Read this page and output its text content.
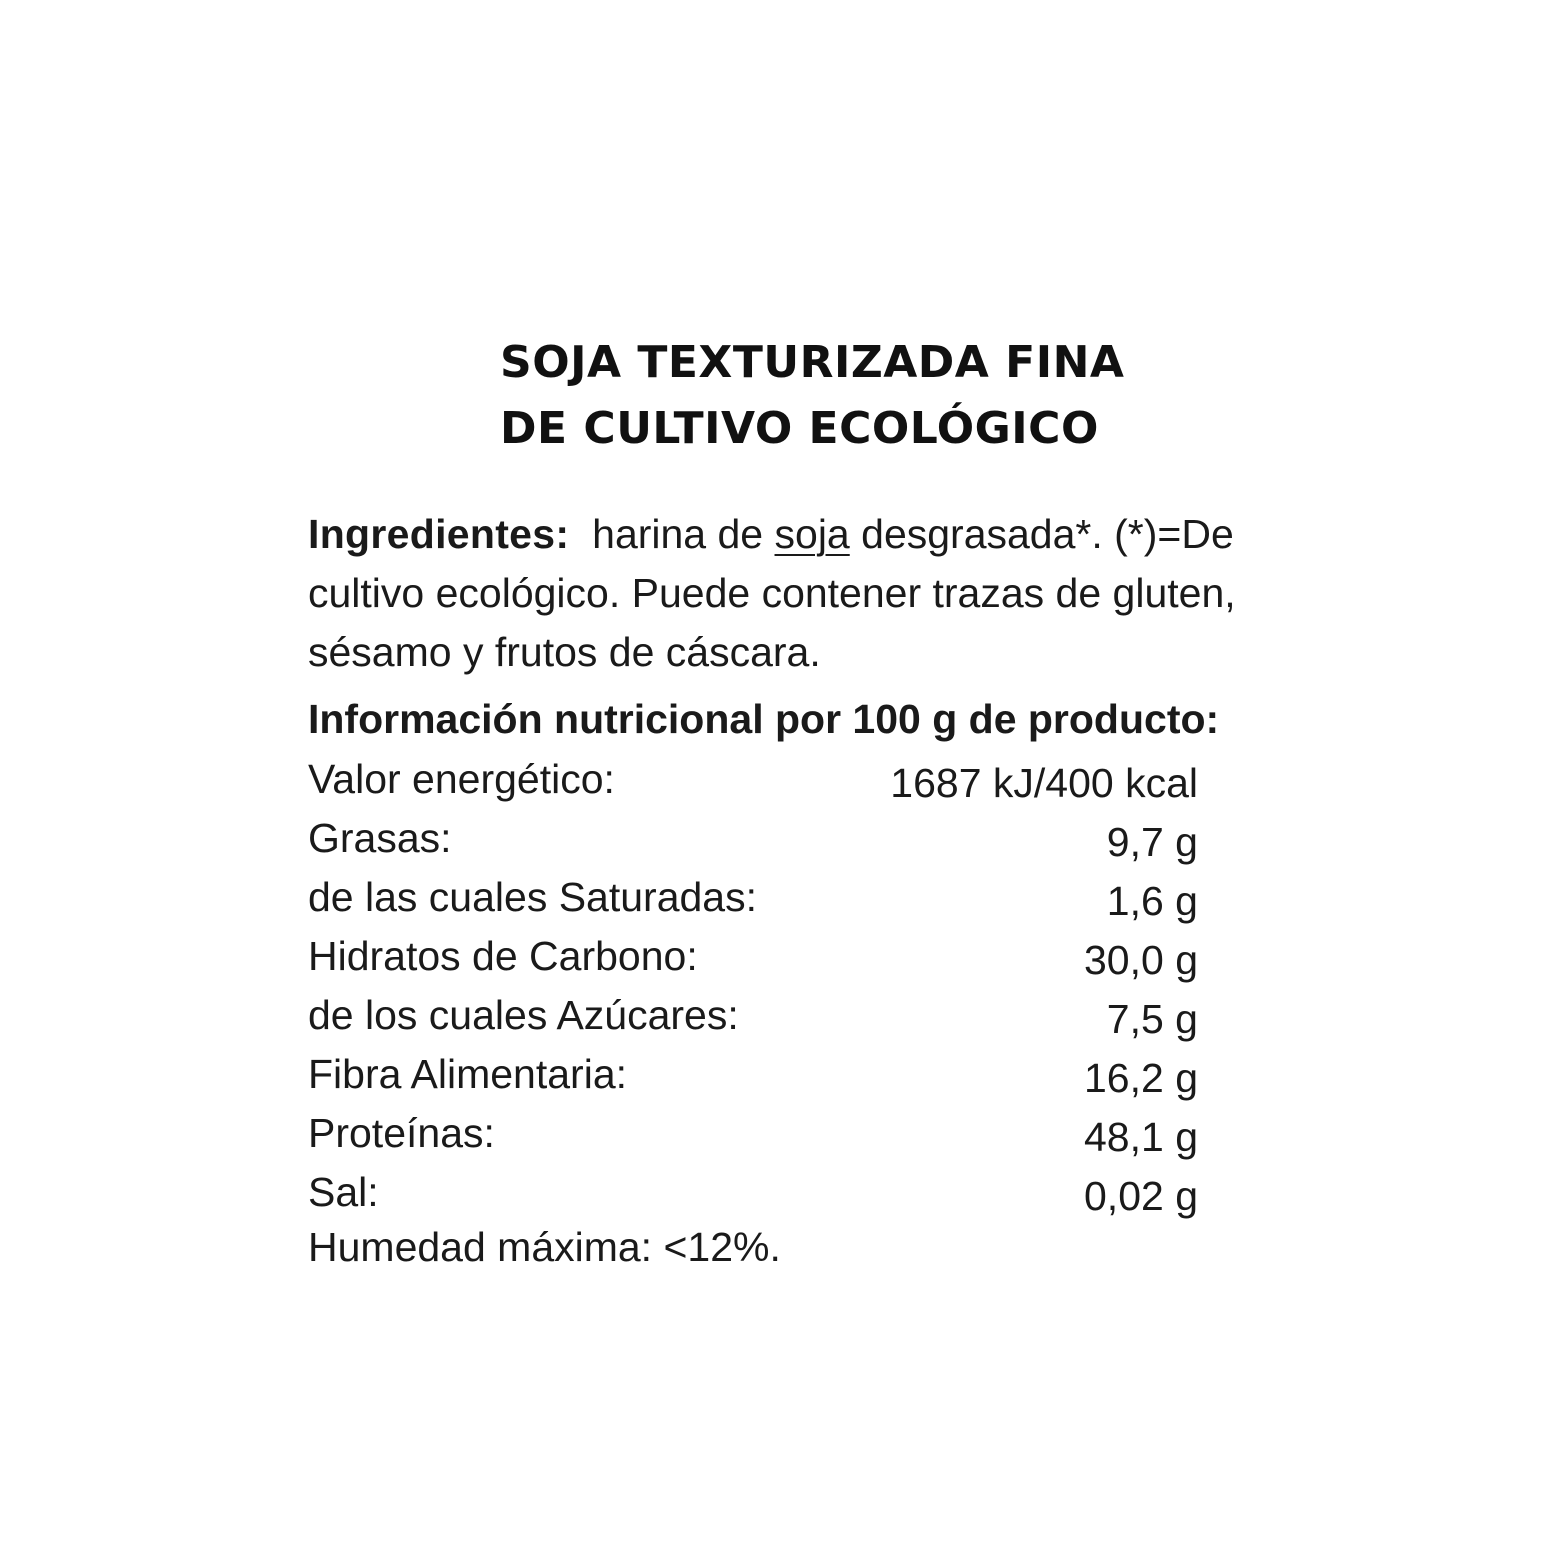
SOJA TEXTURIZADA FINA
DE CULTIVO ECOLÓGICO
Ingredientes: harina de soja desgrasada*. (*)=De cultivo ecológico. Puede contener trazas de gluten, sésamo y frutos de cáscara.
Información nutricional por 100 g de producto:
Valor energético:	1687 kJ/400 kcal
Grasas:	9,7 g
de las cuales Saturadas:	1,6 g
Hidratos de Carbono:	30,0 g
de los cuales Azúcares:	7,5 g
Fibra Alimentaria:	16,2 g
Proteínas:	48,1 g
Sal:	0,02 g
Humedad máxima: <12%.
